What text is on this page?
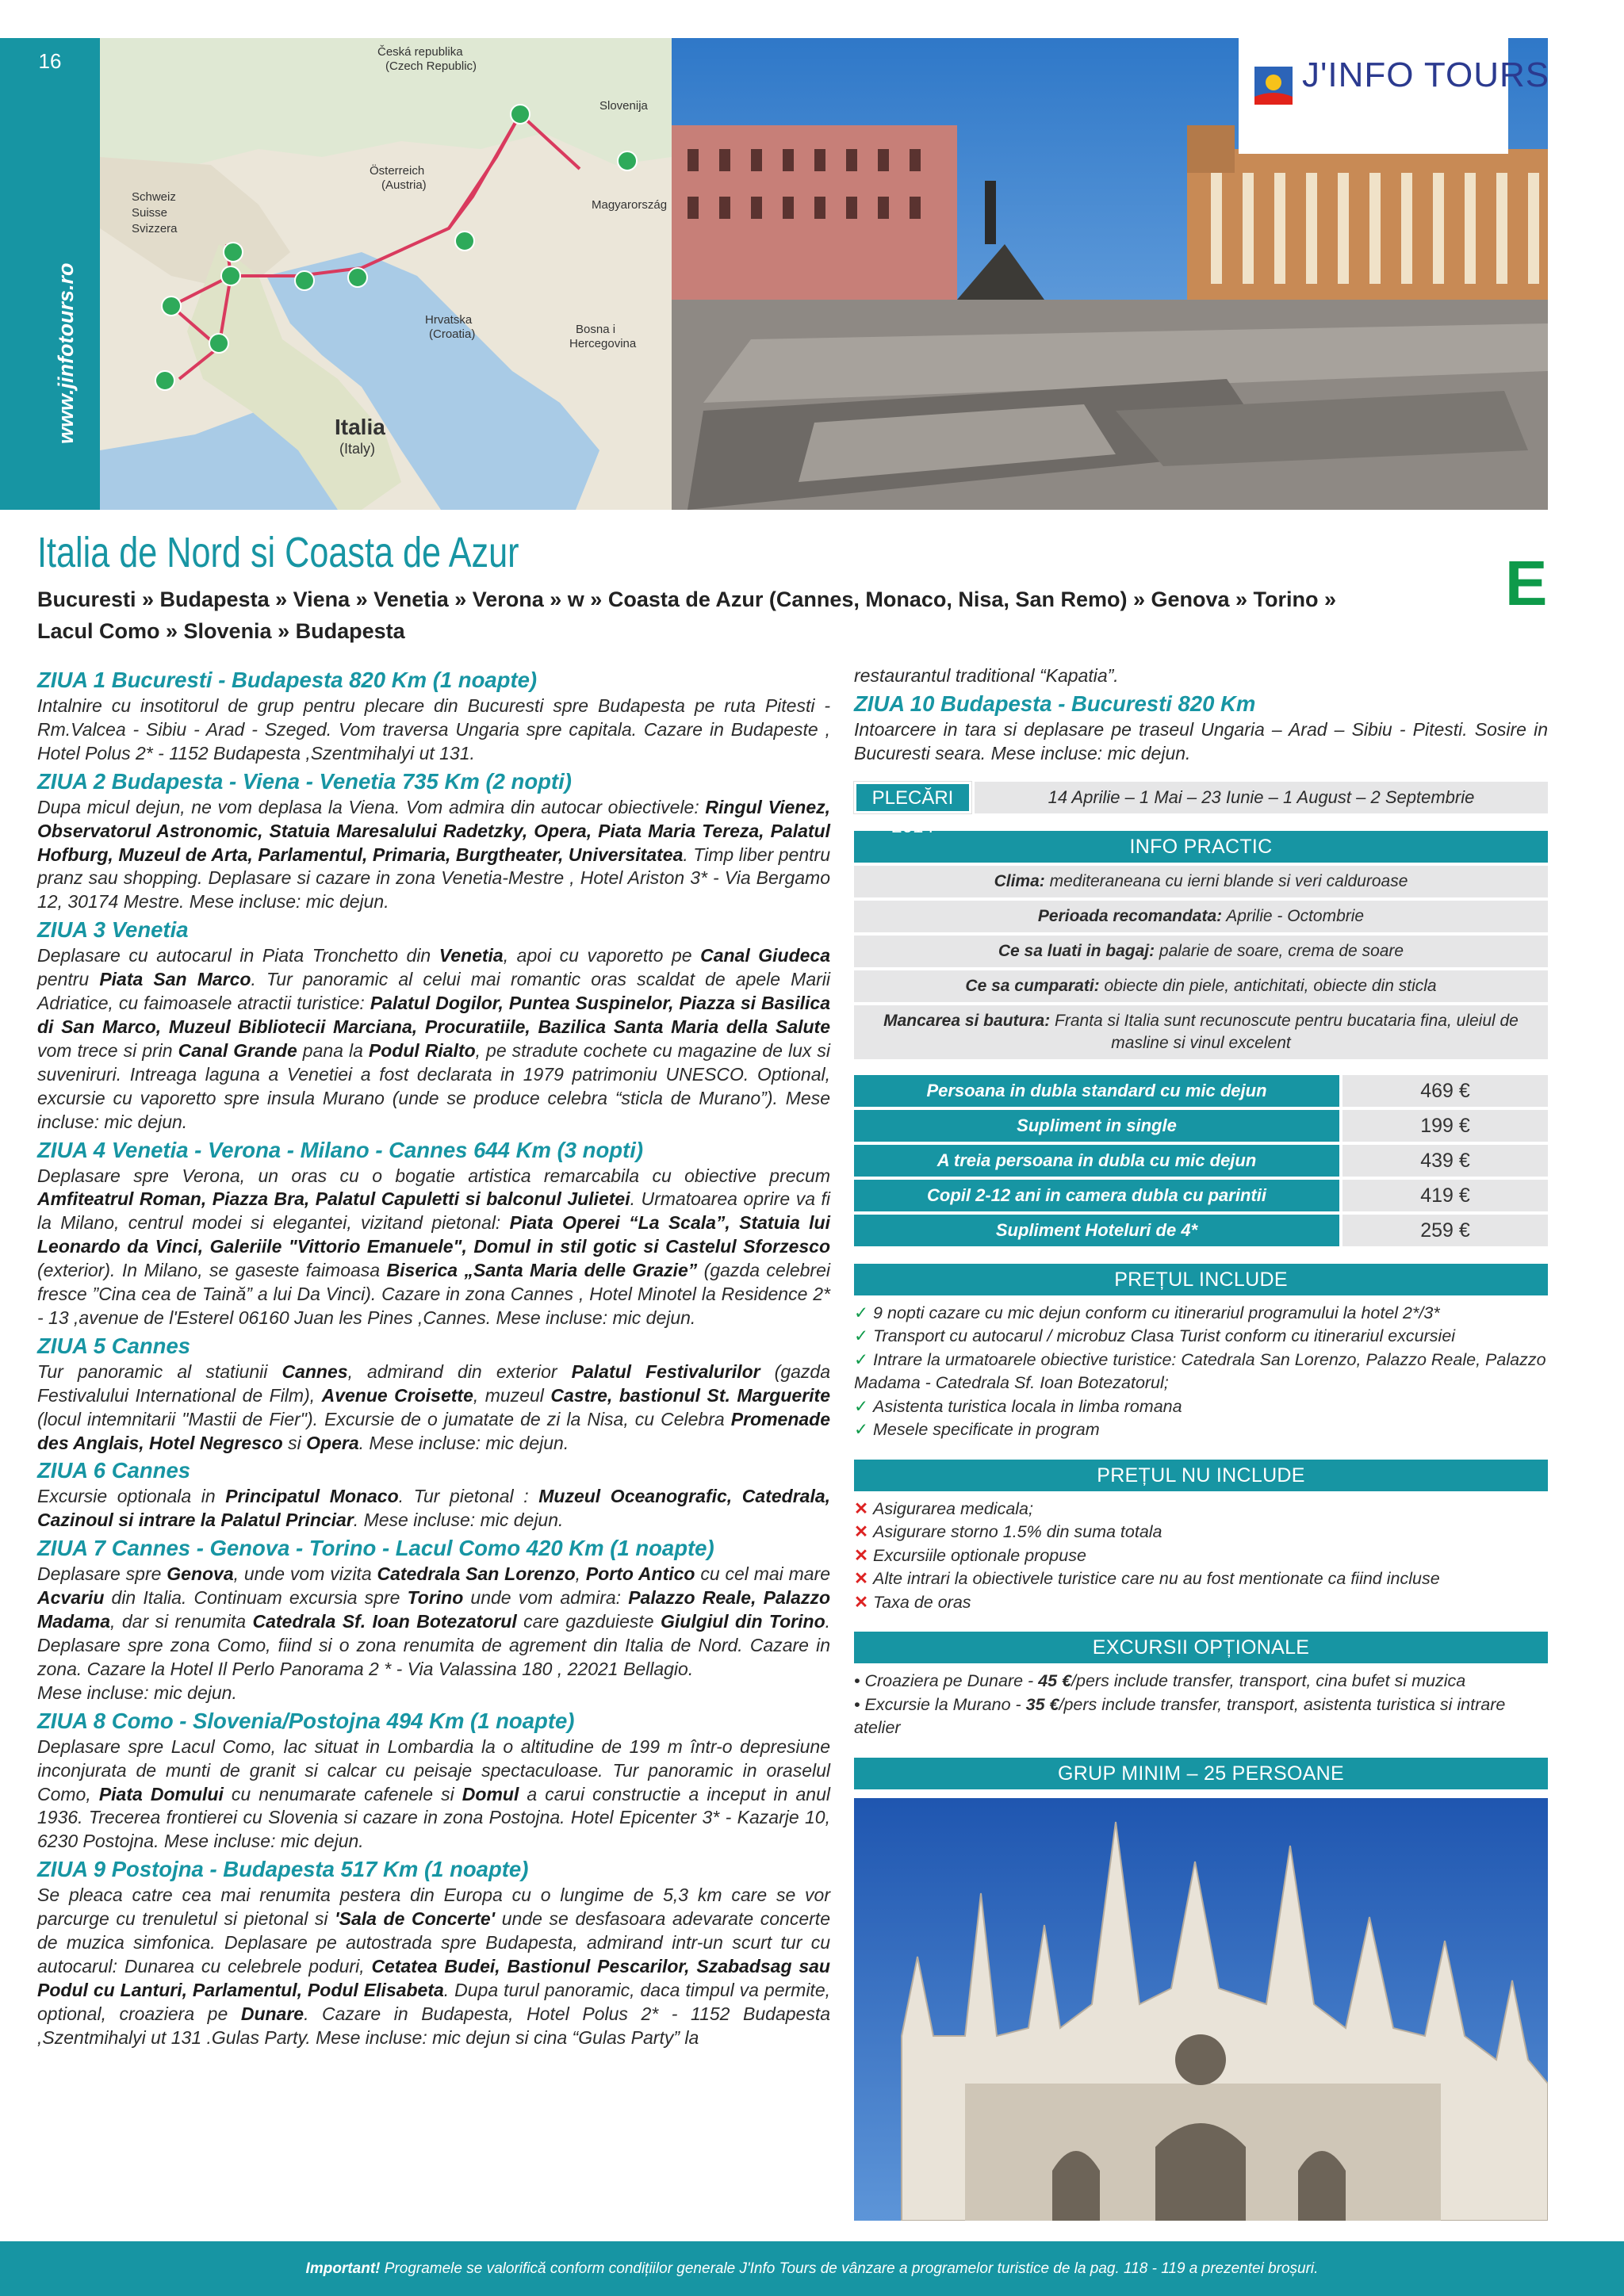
16
www.jinfotours.ro
Česká republika
(Czech Republic)
Österreich
(Austria)
Schweiz
Suisse
Svizzera
Hrvatska
(Croatia)	Bosna i
Hercegovina
Slovenija
Magyarország
Italia
(Italy)
J'INFO TOURS
Italia de Nord si Coasta de Azur
Bucuresti » Budapesta » Viena » Venetia » Verona » w » Coasta de Azur (Cannes, Monaco, Nisa, San Remo) » Genova » Torino » Lacul Como » Slovenia » Budapesta
E
ZIUA 1 Bucuresti - Budapesta 820 Km (1 noapte)

Intalnire cu insotitorul de grup pentru plecare din Bucuresti spre Budapesta pe ruta Pitesti - Rm.Valcea - Sibiu - Arad - Szeged. Vom traversa Ungaria spre capitala. Cazare in Budapeste , Hotel Polus 2* - 1152 Budapesta ,Szentmihalyi ut 131.

ZIUA 2 Budapesta - Viena - Venetia 735 Km (2 nopti)

Dupa micul dejun, ne vom deplasa la Viena. Vom admira din autocar obiectivele: Ringul Vienez, Observatorul Astronomic, Statuia Maresalului Radetzky, Opera, Piata Maria Tereza, Palatul Hofburg, Muzeul de Arta, Parlamentul, Primaria, Burgtheater, Universitatea. Timp liber pentru pranz sau shopping. Deplasare si cazare in zona Venetia-Mestre , Hotel Ariston 3* - Via Bergamo 12, 30174 Mestre. Mese incluse: mic dejun.

ZIUA 3 Venetia

Deplasare cu autocarul in Piata Tronchetto din Venetia, apoi cu vaporetto pe Canal Giudeca pentru Piata San Marco. Tur panoramic al celui mai romantic oras scaldat de apele Marii Adriatice, cu faimoasele atractii turistice: Palatul Dogilor, Puntea Suspinelor, Piazza si Basilica di San Marco, Muzeul Bibliotecii Marciana, Procuratiile, Bazilica Santa Maria della Salute vom trece si prin Canal Grande pana la Podul Rialto, pe stradute cochete cu magazine de lux si suveniruri. Intreaga laguna a Venetiei a fost declarata in 1979 patrimoniu UNESCO. Optional, excursie cu vaporetto spre insula Murano (unde se produce celebra “sticla de Murano”). Mese incluse: mic dejun.

ZIUA 4 Venetia - Verona - Milano - Cannes 644 Km (3 nopti)

Deplasare spre Verona, un oras cu o bogatie artistica remarcabila cu obiective precum Amfiteatrul Roman, Piazza Bra, Palatul Capuletti si balconul Julietei. Urmatoarea oprire va fi la Milano, centrul modei si elegantei, vizitand pietonal: Piata Operei “La Scala”, Statuia lui Leonardo da Vinci, Galeriile "Vittorio Emanuele", Domul in stil gotic si Castelul Sforzesco (exterior). In Milano, se gaseste faimoasa Biserica „Santa Maria delle Grazie” (gazda celebrei fresce ”Cina cea de Taină” a lui Da Vinci). Cazare in zona Cannes , Hotel Minotel la Residence 2* - 13 ,avenue de l'Esterel 06160 Juan les Pines ,Cannes. Mese incluse: mic dejun.

ZIUA 5 Cannes

Tur panoramic al statiunii Cannes, admirand din exterior Palatul Festivalurilor (gazda Festivalului International de Film), Avenue Croisette, muzeul Castre, bastionul St. Marguerite (locul intemnitarii "Mastii de Fier"). Excursie de o jumatate de zi la Nisa, cu Celebra Promenade des Anglais, Hotel Negresco si Opera. Mese incluse: mic dejun.

ZIUA 6 Cannes

Excursie optionala in Principatul Monaco. Tur pietonal : Muzeul Oceanografic, Catedrala, Cazinoul si intrare la Palatul Princiar. Mese incluse: mic dejun.

ZIUA 7 Cannes - Genova - Torino - Lacul Como 420 Km (1 noapte)

Deplasare spre Genova, unde vom vizita Catedrala San Lorenzo, Porto Antico cu cel mai mare Acvariu din Italia. Continuam excursia spre Torino unde vom admira: Palazzo Reale, Palazzo Madama, dar si renumita Catedrala Sf. Ioan Botezatorul care gazduieste Giulgiul din Torino. Deplasare spre zona Como, fiind si o zona renumita de agrement din Italia de Nord. Cazare in zona. Cazare la Hotel Il Perlo Panorama 2 * - Via Valassina 180 , 22021 Bellagio.
Mese incluse: mic dejun.

ZIUA 8 Como - Slovenia/Postojna 494 Km (1 noapte)

Deplasare spre Lacul Como, lac situat in Lombardia la o altitudine de 199 m într-o depresiune inconjurata de munti de granit si calcar cu peisaje spectaculoase. Tur panoramic in oraselul Como, Piata Domului cu nenumarate cafenele si Domul a carui constructie a inceput in anul 1936. Trecerea frontierei cu Slovenia si cazare in zona Postojna. Hotel Epicenter 3* - Kazarje 10, 6230 Postojna. Mese incluse: mic dejun.

ZIUA 9 Postojna - Budapesta 517 Km (1 noapte)

Se pleaca catre cea mai renumita pestera din Europa cu o lungime de 5,3 km care se vor parcurge cu trenuletul si pietonal si 'Sala de Concerte' unde se desfasoara adevarate concerte de muzica simfonica. Deplasare pe autostrada spre Budapesta, admirand intr-un scurt tur cu autocarul: Dunarea cu celebrele poduri, Cetatea Budei, Bastionul Pescarilor, Szabadsag sau Podul cu Lanturi, Parlamentul, Podul Elisabeta. Dupa turul panoramic, daca timpul va permite, optional, croaziera pe Dunare. Cazare in Budapesta, Hotel Polus 2* - 1152 Budapesta ,Szentmihalyi ut 131 .Gulas Party. Mese incluse: mic dejun si cina “Gulas Party” la

restaurantul traditional “Kapatia”.

ZIUA 10 Budapesta - Bucuresti 820 Km

Intoarcere in tara si deplasare pe traseul Ungaria – Arad – Sibiu - Pitesti. Sosire in Bucuresti seara. Mese incluse: mic dejun.

PLECĂRI 2014
14 Aprilie – 1 Mai – 23 Iunie – 1 August – 2 Septembrie
INFO PRACTIC
Clima: mediteraneana cu ierni blande si veri calduroase
Perioada recomandata: Aprilie - Octombrie
Ce sa luati in bagaj: palarie de soare, crema de soare
Ce sa cumparati: obiecte din piele, antichitati, obiecte din sticla
Mancarea si bautura: Franta si Italia sunt recunoscute pentru bucataria fina, uleiul de masline si vinul excelent
Persoana in dubla standard cu mic dejun	469 €
Supliment in single	199 €
A treia persoana in dubla cu mic dejun	439 €
Copil 2-12 ani in camera dubla cu parintii	419 €
Supliment Hoteluri de 4*	259 €
PREȚUL INCLUDE
✓ 9 nopti cazare cu mic dejun conform cu itinerariul programului la hotel 2*/3*
✓ Transport cu autocarul / microbuz Clasa Turist conform cu itinerariul excursiei
✓ Intrare la urmatoarele obiective turistice: Catedrala San Lorenzo, Palazzo Reale, Palazzo Madama - Catedrala Sf. Ioan Botezatorul;
✓ Asistenta turistica locala in limba romana
✓ Mesele specificate in program
PREȚUL NU INCLUDE
✕ Asigurarea medicala;
✕ Asigurare storno 1.5% din suma totala
✕ Excursiile optionale propuse
✕ Alte intrari la obiectivele turistice care nu au fost mentionate ca fiind incluse
✕ Taxa de oras
EXCURSII OPȚIONALE
• Croaziera pe Dunare - 45 €/pers include transfer, transport, cina bufet si muzica
• Excursie la Murano - 35 €/pers include transfer, transport, asistenta turistica si intrare atelier
GRUP MINIM – 25 PERSOANE
Important! Programele se valorifică conform condițiilor generale J'Info Tours de vânzare a programelor turistice de la pag. 118 - 119 a prezentei broșuri.
